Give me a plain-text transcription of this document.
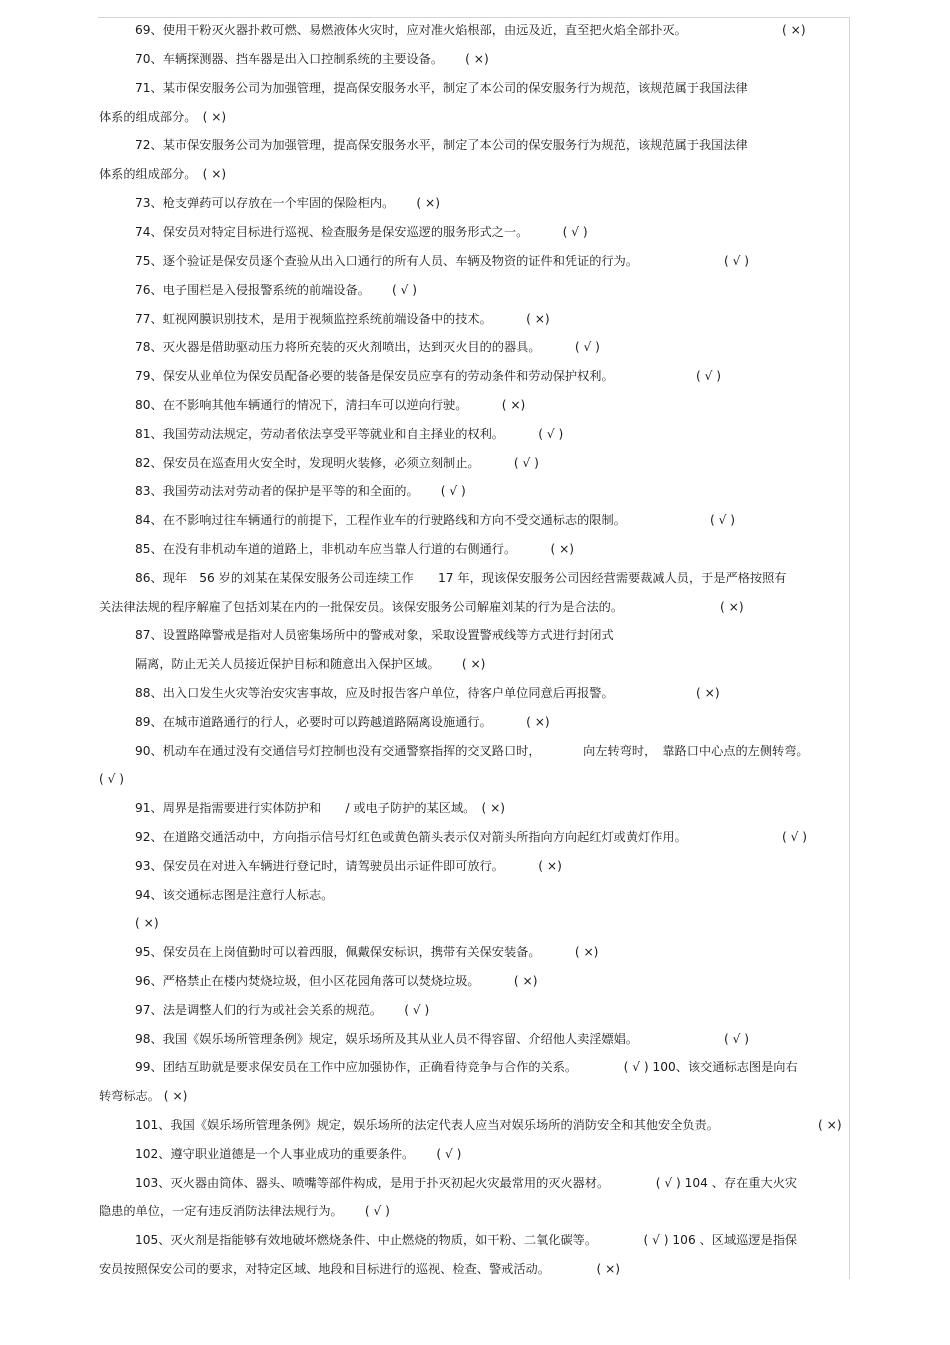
69、使用干粉灭火器扑救可燃、易燃液体火灾时，应对准火焰根部，由远及近，直至把火焰全部扑灭。
70、车辆探测器、挡车器是出入口控制系统的主要设备。　　 ( ×)
71、某市保安服务公司为加强管理，提高保安服务水平，制定了本公司的保安服务行为规范，该规范属于我国法律
体系的组成部分。　( ×)
72、某市保安服务公司为加强管理，提高保安服务水平，制定了本公司的保安服务行为规范，该规范属于我国法律
体系的组成部分。　( ×)
73、枪支弹药可以存放在一个牢固的保险柜内。　　 ( ×)
74、保安员对特定目标进行巡视、检查服务是保安巡逻的服务形式之一。　　　 ( √ )
75、逐个验证是保安员逐个查验从出入口通行的所有人员、车辆及物资的证件和凭证的行为。
76、电子围栏是入侵报警系统的前端设备。　　 ( √ )
77、虹视网膜识别技术，是用于视频监控系统前端设备中的技术。　　　 ( ×)
78、灭火器是借助驱动压力将所充装的灭火剂喷出，达到灭火目的的器具。　　　 ( √ )
79、保安从业单位为保安员配备必要的装备是保安员应享有的劳动条件和劳动保护权利。
80、在不影响其他车辆通行的情况下，清扫车可以逆向行驶。　　　 ( ×)
81、我国劳动法规定，劳动者依法享受平等就业和自主择业的权利。　　　 ( √ )
82、保安员在巡查用火安全时，发现明火装修，必须立刻制止。　　　 ( √ )
83、我国劳动法对劳动者的保护是平等的和全面的。　　 ( √ )
84、在不影响过往车辆通行的前提下，工程作业车的行驶路线和方向不受交通标志的限制。
85、在没有非机动车道的道路上，非机动车应当靠人行道的右侧通行。　　　 ( ×)
86、现年　56 岁的刘某在某保安服务公司连续工作　　17 年，现该保安服务公司因经营需要裁减人员，于是严格按照有
关法律法规的程序解雇了包括刘某在内的一批保安员。该保安服务公司解雇刘某的行为是合法的。
87、设置路障警戒是指对人员密集场所中的警戒对象，采取设置警戒线等方式进行封闭式
隔离，防止无关人员接近保护目标和随意出入保护区域。　　 ( ×)
88、出入口发生火灾等治安灾害事故，应及时报告客户单位，待客户单位同意后再报警。
89、在城市道路通行的行人，必要时可以跨越道路隔离设施通行。　　　 ( ×)
90、机动车在通过没有交通信号灯控制也没有交通警察指挥的交叉路口时，　　　　向左转弯时，　靠路口中心点的左侧转弯。
( √ )
91、周界是指需要进行实体防护和　　/ 或电子防护的某区域。　( ×)
92、在道路交通活动中，方向指示信号灯红色或黄色箭头表示仅对箭头所指向方向起红灯或黄灯作用。
93、保安员在对进入车辆进行登记时，请驾驶员出示证件即可放行。　　　 ( ×)
94、该交通标志图是注意行人标志。
( ×)
95、保安员在上岗值勤时可以着西服，佩戴保安标识，携带有关保安装备。　　　 ( ×)
96、严格禁止在楼内焚烧垃圾，但小区花园角落可以焚烧垃圾。　　　 ( ×)
97、法是调整人们的行为或社会关系的规范。　　 ( √ )
98、我国《娱乐场所管理条例》规定，娱乐场所及其从业人员不得容留、介绍他人卖淫嫖娼。
99、团结互助就是要求保安员在工作中应加强协作，正确看待竞争与合作的关系。　　　　 ( √ ) 100、该交通标志图是向右
转弯标志。 ( ×)
101、我国《娱乐场所管理条例》规定，娱乐场所的法定代表人应当对娱乐场所的消防安全和其他安全负责。
102、遵守职业道德是一个人事业成功的重要条件。　　 ( √ )
103、灭火器由筒体、器头、喷嘴等部件构成，是用于扑灭初起火灾最常用的灭火器材。　　　　 ( √ ) 104 、存在重大火灾
隐患的单位，一定有违反消防法律法规行为。　　 ( √ )
105、灭火剂是指能够有效地破坏燃烧条件、中止燃烧的物质，如干粉、二氧化碳等。　　　　 ( √ ) 106 、区域巡逻是指保
安员按照保安公司的要求，对特定区域、地段和目标进行的巡视、检查、警戒活动。　　　　 ( ×)
( ×)
( √ )
( √ )
( √ )
( ×)
( √ )
( ×)
( √ )
( ×)
